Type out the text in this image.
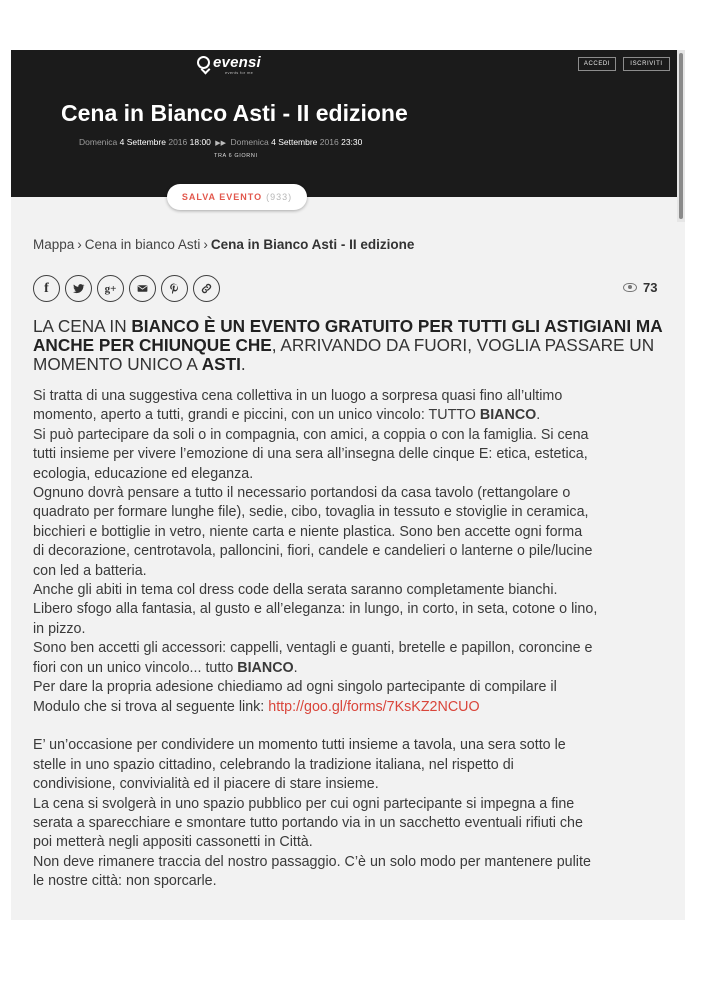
evensi
events for me
ACCEDI	ISCRIVITI
Cena in Bianco Asti - II edizione
Domenica 4 Settembre 2016 18:00 ▶▶ Domenica 4 Settembre 2016 23:30
TRA 6 GIORNI
SALVA EVENTO (933)
Mappa › Cena in bianco Asti › Cena in Bianco Asti - II edizione
f	g+	73
LA CENA IN BIANCO È UN EVENTO GRATUITO PER TUTTI GLI ASTIGIANI MA ANCHE PER CHIUNQUE CHE, ARRIVANDO DA FUORI, VOGLIA PASSARE UN MOMENTO UNICO A ASTI.

Si tratta di una suggestiva cena collettiva in un luogo a sorpresa quasi fino all’ultimo

momento, aperto a tutti, grandi e piccini, con un unico vincolo: TUTTO BIANCO.

Si può partecipare da soli o in compagnia, con amici, a coppia o con la famiglia. Si cena

tutti insieme per vivere l’emozione di una sera all’insegna delle cinque E: etica, estetica,

ecologia, educazione ed eleganza.

Ognuno dovrà pensare a tutto il necessario portandosi da casa tavolo (rettangolare o

quadrato per formare lunghe file), sedie, cibo, tovaglia in tessuto e stoviglie in ceramica,

bicchieri e bottiglie in vetro, niente carta e niente plastica. Sono ben accette ogni forma

di decorazione, centrotavola, palloncini, fiori, candele e candelieri o lanterne o pile/lucine

con led a batteria.

Anche gli abiti in tema col dress code della serata saranno completamente bianchi.

Libero sfogo alla fantasia, al gusto e all’eleganza: in lungo, in corto, in seta, cotone o lino,

in pizzo.

Sono ben accetti gli accessori: cappelli, ventagli e guanti, bretelle e papillon, coroncine e

fiori con un unico vincolo... tutto BIANCO.

Per dare la propria adesione chiediamo ad ogni singolo partecipante di compilare il

Modulo che si trova al seguente link: http://goo.gl/forms/7KsKZ2NCUO

E’ un’occasione per condividere un momento tutti insieme a tavola, una sera sotto le

stelle in uno spazio cittadino, celebrando la tradizione italiana, nel rispetto di

condivisione, convivialità ed il piacere di stare insieme.

La cena si svolgerà in uno spazio pubblico per cui ogni partecipante si impegna a fine

serata a sparecchiare e smontare tutto portando via in un sacchetto eventuali rifiuti che

poi metterà negli appositi cassonetti in Città.

Non deve rimanere traccia del nostro passaggio. C’è un solo modo per mantenere pulite

le nostre città: non sporcarle.
